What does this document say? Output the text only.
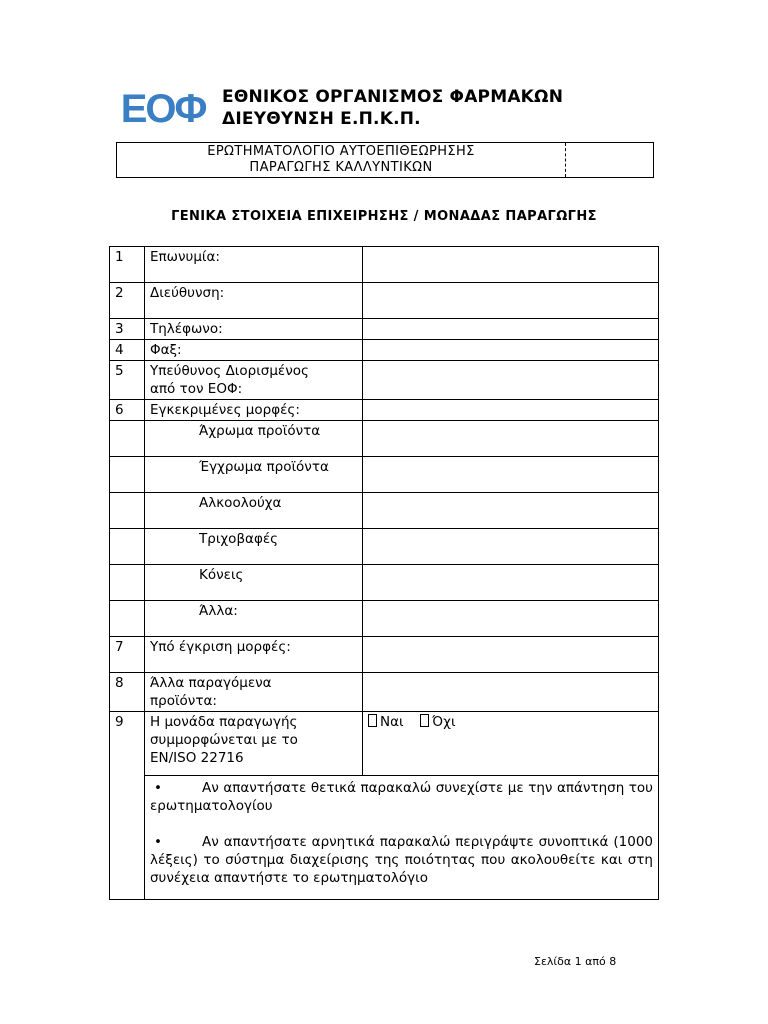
ΕΟΦ ΕΘΝΙΚΟΣ ΟΡΓΑΝΙΣΜΟΣ ΦΑΡΜΑΚΩΝ
ΔΙΕΥΘΥΝΣΗ Ε.Π.Κ.Π.
ΕΡΩΤΗΜΑΤΟΛΟΓΙΟ ΑΥΤΟΕΠΙΘΕΩΡΗΣΗΣ
ΠΑΡΑΓΩΓΗΣ ΚΑΛΛΥΝΤΙΚΩΝ
ΓΕΝΙΚΑ ΣΤΟΙΧΕΙΑ ΕΠΙΧΕΙΡΗΣΗΣ / ΜΟΝΑΔΑΣ ΠΑΡΑΓΩΓΗΣ
1	Επωνυμία:	
2	Διεύθυνση:	
3	Τηλέφωνο:	
4	Φαξ:	
5	Υπεύθυνος Διορισμένος
από τον ΕΟΦ:	

6	Εγκεκριμένες μορφές:	
	Άχρωμα προϊόντα	
	Έγχρωμα προϊόντα	
	Αλκοολούχα	
	Τριχοβαφές	
	Κόνεις	
	Άλλα:	
7	Υπό έγκριση μορφές:	
8	Άλλα παραγόμενα
προϊόντα:	

9	Η μονάδα παραγωγής
συμμορφώνεται με το
EN/ISO 22716	Ναι Όχι

	• Αν απαντήσατε θετικά παρακαλώ συνεχίστε με την απάντηση του ερωτηματολογίου

• Αν απαντήσατε αρνητικά παρακαλώ περιγράψτε συνοπτικά (1000 λέξεις) το σύστημα διαχείρισης της ποιότητας που ακολουθείτε και στη συνέχεια απαντήστε το ερωτηματολόγιο	

Σελίδα 1 από 8
